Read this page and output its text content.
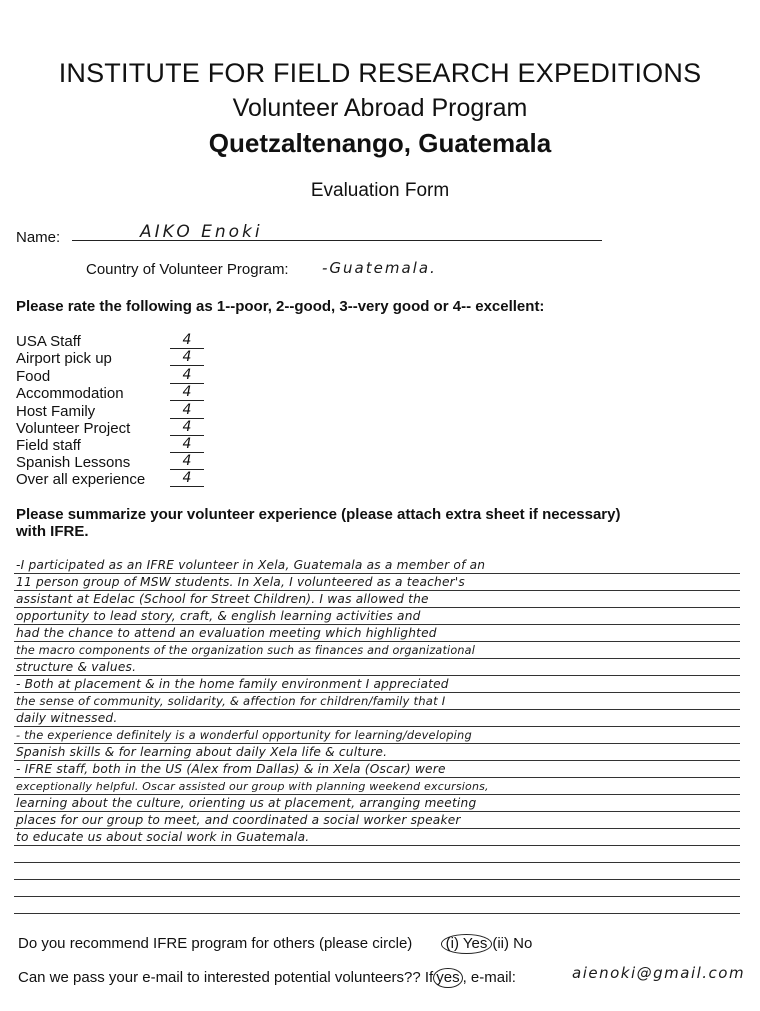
INSTITUTE FOR FIELD RESEARCH EXPEDITIONS
Volunteer Abroad Program
Quetzaltenango, Guatemala
Evaluation Form
Name:	AIKO Enoki
Country of Volunteer Program: -Guatemala.
Please rate the following as 1--poor, 2--good, 3--very good or 4-- excellent:
USA Staff	4
Airport pick up	4
Food	4
Accommodation	4
Host Family	4
Volunteer Project	4
Field staff	4
Spanish Lessons	4
Over all experience	4
Please summarize your volunteer experience (please attach extra sheet if necessary)
with IFRE.
-I participated as an IFRE volunteer in Xela, Guatemala as a member of an
11 person group of MSW students. In Xela, I volunteered as a teacher's
assistant at Edelac (School for Street Children). I was allowed the
opportunity to lead story, craft, & english learning activities and
had the chance to attend an evaluation meeting which highlighted
the macro components of the organization such as finances and organizational
structure & values.
- Both at placement & in the home family environment I appreciated
the sense of community, solidarity, & affection for children/family that I
daily witnessed.
- the experience definitely is a wonderful opportunity for learning/developing
Spanish skills & for learning about daily Xela life & culture.
- IFRE staff, both in the US (Alex from Dallas) & in Xela (Oscar) were
exceptionally helpful. Oscar assisted our group with planning weekend excursions,
learning about the culture, orienting us at placement, arranging meeting
places for our group to meet, and coordinated a social worker speaker
to educate us about social work in Guatemala.
Do you recommend IFRE program for others (please circle) (i) Yes (ii) No
Can we pass your e-mail to interested potential volunteers?? If yes , e-mail:	aienoki@gmail.com
